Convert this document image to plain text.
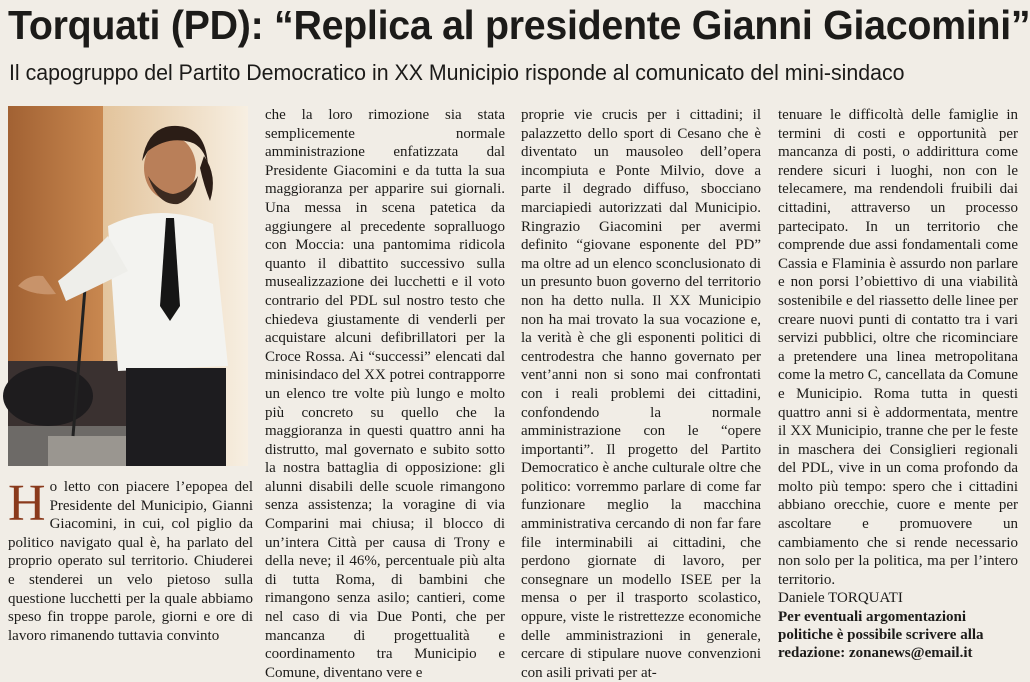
Torquati (PD): “Replica al presidente Gianni Giacomini”
Il capogruppo del Partito Democratico in XX Municipio risponde al comunicato del mini-sindaco
H o letto con piacere l’epopea del Presidente del Municipio, Gianni Giacomini, in cui, col piglio da politico navigato qual è, ha parlato del proprio operato sul territorio. Chiuderei e stenderei un velo pietoso sulla questione lucchetti per la quale abbiamo speso fin troppe parole, giorni e ore di lavoro rimanendo tuttavia convinto

che la loro rimozione sia stata semplicemente normale amministrazione enfatizzata dal Presidente Giacomini e da tutta la sua maggioranza per apparire sui giornali. Una messa in scena patetica da aggiungere al precedente sopralluogo con Moccia: una pantomima ridicola quanto il dibattito successivo sulla musealizzazione dei lucchetti e il voto contrario del PDL sul nostro testo che chiedeva giustamente di venderli per acquistare alcuni defibrillatori per la Croce Rossa. Ai “successi” elencati dal minisindaco del XX potrei contrapporre un elenco tre volte più lungo e molto più concreto su quello che la maggioranza in questi quattro anni ha distrutto, mal governato e subito sotto la nostra battaglia di opposizione: gli alunni disabili delle scuole rimangono senza assistenza; la voragine di via Comparini mai chiusa; il blocco di un’intera Città per causa di Trony e della neve; il 46%, percentuale più alta di tutta Roma, di bambini che rimangono senza asilo; cantieri, come nel caso di via Due Ponti, che per mancanza di progettualità e coordinamento tra Municipio e Comune, diventano vere e

proprie vie crucis per i cittadini; il palazzetto dello sport di Cesano che è diventato un mausoleo dell’opera incompiuta e Ponte Milvio, dove a parte il degrado diffuso, sbocciano marciapiedi autorizzati dal Municipio. Ringrazio Giacomini per avermi definito “giovane esponente del PD” ma oltre ad un elenco sconclusionato di un presunto buon governo del territorio non ha detto nulla. Il XX Municipio non ha mai trovato la sua vocazione e, la verità è che gli esponenti politici di centrodestra che hanno governato per vent’anni non si sono mai confrontati con i reali problemi dei cittadini, confondendo la normale amministrazione con le “opere importanti”. Il progetto del Partito Democratico è anche culturale oltre che politico: vorremmo parlare di come far funzionare meglio la macchina amministrativa cercando di non far fare file interminabili ai cittadini, che perdono giornate di lavoro, per consegnare un modello ISEE per la mensa o per il trasporto scolastico, oppure, viste le ristrettezze economiche delle amministrazioni in generale, cercare di stipulare nuove convenzioni con asili privati per at-

tenuare le difficoltà delle famiglie in termini di costi e opportunità per mancanza di posti, o addirittura come rendere sicuri i luoghi, non con le telecamere, ma rendendoli fruibili dai cittadini, attraverso un processo partecipato. In un territorio che comprende due assi fondamentali come Cassia e Flaminia è assurdo non parlare e non porsi l’obiettivo di una viabilità sostenibile e del riassetto delle linee per creare nuovi punti di contatto tra i vari servizi pubblici, oltre che ricominciare a pretendere una linea metropolitana come la metro C, cancellata da Comune e Municipio. Roma tutta in questi quattro anni si è addormentata, mentre il XX Municipio, tranne che per le feste in maschera dei Consiglieri regionali del PDL, vive in un coma profondo da molto più tempo: spero che i cittadini abbiano orecchie, cuore e mente per ascoltare e promuovere un cambiamento che si rende necessario non solo per la politica, ma per l’intero territorio.

Daniele TORQUATI

Per eventuali argomentazioni politiche è possibile scrivere alla redazione: zonanews@email.it
